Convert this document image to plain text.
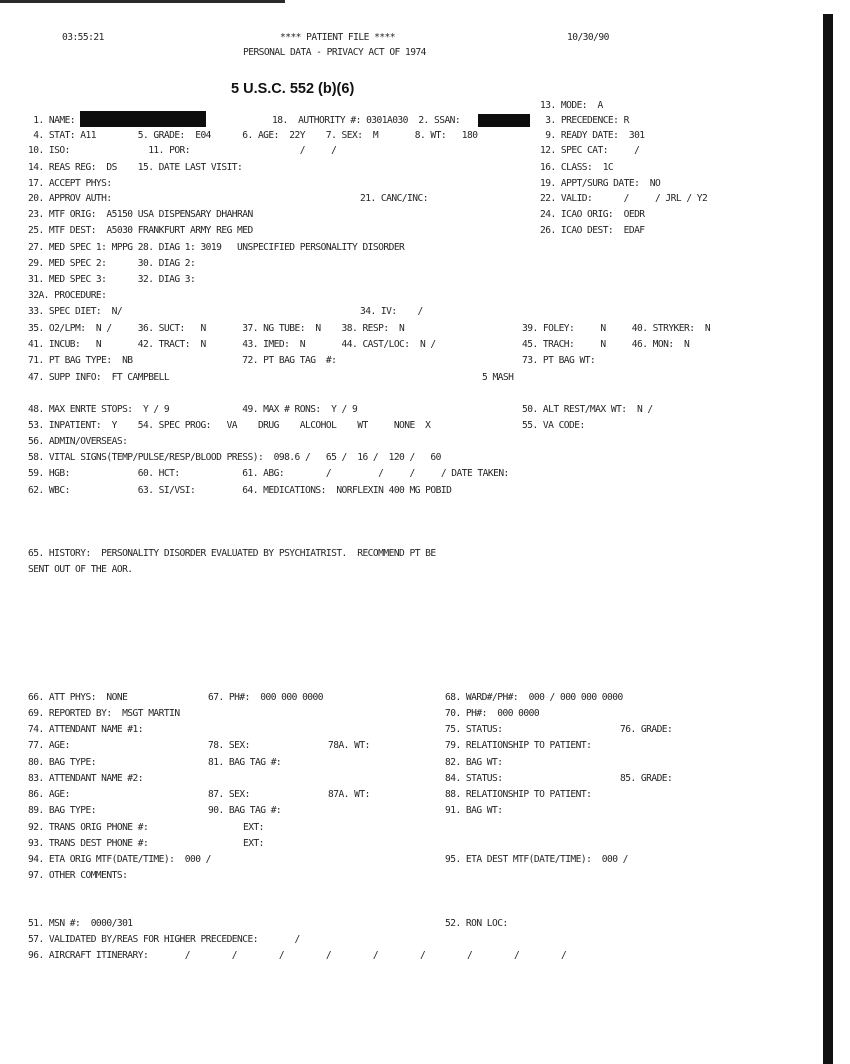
03:55:21	**** PATIENT FILE ****	10/30/90
PERSONAL DATA - PRIVACY ACT OF 1974
5 U.S.C. 552 (b)(6)
13. MODE:  A
1. NAME:	18.  AUTHORITY #: 0301A030  2. SSAN:	3. PRECEDENCE: R
4. STAT: A11        5. GRADE:  E04      6. AGE:  22Y    7. SEX:  M       8. WT:   180	9. READY DATE:  301
10. ISO:               11. POR:                     /     /	12. SPEC CAT:     /
14. REAS REG:  DS    15. DATE LAST VISIT:	16. CLASS:  1C
17. ACCEPT PHYS:	19. APPT/SURG DATE:  NO
20. APPROV AUTH:	21. CANC/INC:	22. VALID:      /     / JRL / Y2
23. MTF ORIG:  A5150 USA DISPENSARY DHAHRAN	24. ICAO ORIG:  OEDR
25. MTF DEST:  A5030 FRANKFURT ARMY REG MED	26. ICAO DEST:  EDAF
27. MED SPEC 1: MPPG 28. DIAG 1: 3019   UNSPECIFIED PERSONALITY DISORDER
29. MED SPEC 2:      30. DIAG 2:
31. MED SPEC 3:      32. DIAG 3:
32A. PROCEDURE:
33. SPEC DIET:  N/	34. IV:    /
35. O2/LPM:  N /     36. SUCT:   N       37. NG TUBE:  N    38. RESP:  N	39. FOLEY:     N     40. STRYKER:  N
41. INCUB:   N       42. TRACT:  N       43. IMED:  N       44. CAST/LOC:  N /	45. TRACH:     N     46. MON:  N
71. PT BAG TYPE:  NB                     72. PT BAG TAG  #:	73. PT BAG WT:
47. SUPP INFO:  FT CAMPBELL	5 MASH
48. MAX ENRTE STOPS:  Y / 9              49. MAX # RONS:  Y / 9	50. ALT REST/MAX WT:  N /
53. INPATIENT:  Y    54. SPEC PROG:   VA    DRUG    ALCOHOL    WT     NONE  X	55. VA CODE:
56. ADMIN/OVERSEAS:
58. VITAL SIGNS(TEMP/PULSE/RESP/BLOOD PRESS):  098.6 /   65 /  16 /  120 /   60
59. HGB:             60. HCT:            61. ABG:        /         /     /     / DATE TAKEN:
62. WBC:             63. SI/VSI:         64. MEDICATIONS:  NORFLEXIN 400 MG POBID
65. HISTORY:  PERSONALITY DISORDER EVALUATED BY PSYCHIATRIST.  RECOMMEND PT BE
SENT OUT OF THE AOR.
66. ATT PHYS:  NONE	67. PH#:  000 000 0000	68. WARD#/PH#:  000 / 000 000 0000
69. REPORTED BY:  MSGT MARTIN	70. PH#:  000 0000
74. ATTENDANT NAME #1:	75. STATUS:	76. GRADE:
77. AGE:	78. SEX:	78A. WT:	79. RELATIONSHIP TO PATIENT:
80. BAG TYPE:	81. BAG TAG #:	82. BAG WT:
83. ATTENDANT NAME #2:	84. STATUS:	85. GRADE:
86. AGE:	87. SEX:	87A. WT:	88. RELATIONSHIP TO PATIENT:
89. BAG TYPE:	90. BAG TAG #:	91. BAG WT:
92. TRANS ORIG PHONE #:	EXT:
93. TRANS DEST PHONE #:	EXT:
94. ETA ORIG MTF(DATE/TIME):  000 /	95. ETA DEST MTF(DATE/TIME):  000 /
97. OTHER COMMENTS:
51. MSN #:  0000/301	52. RON LOC:
57. VALIDATED BY/REAS FOR HIGHER PRECEDENCE:       /
96. AIRCRAFT ITINERARY:       /        /        /        /        /        /        /        /        /
